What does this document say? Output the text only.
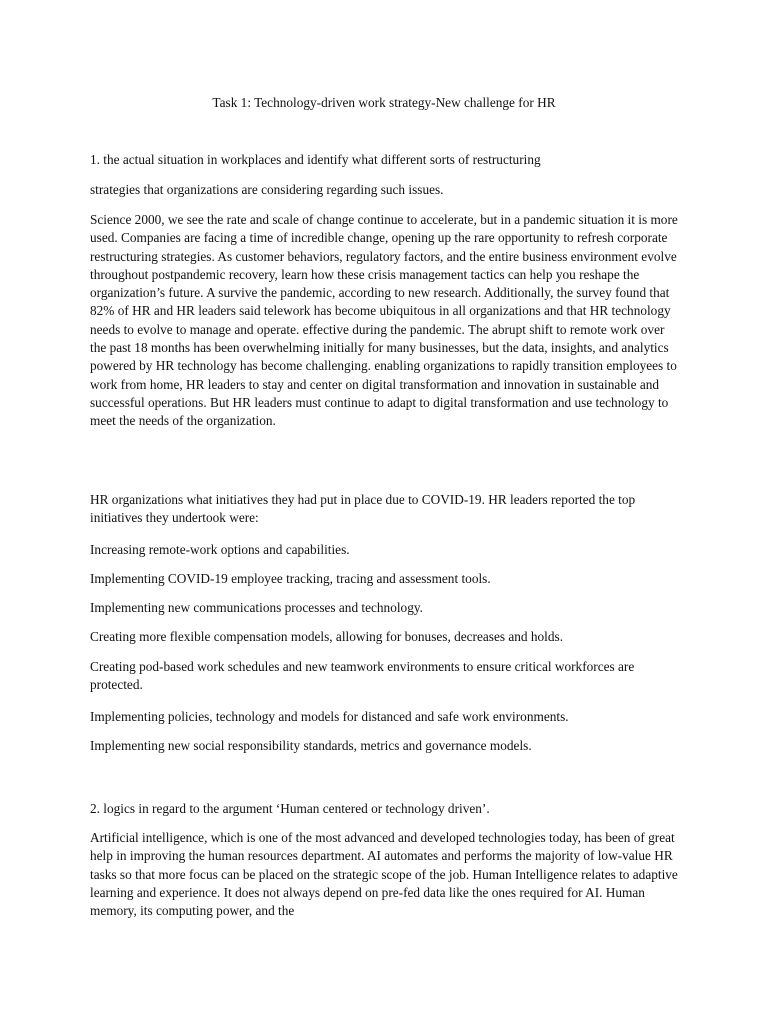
Task 1: Technology-driven work strategy-New challenge for HR

1. the actual situation in workplaces and identify what different sorts of restructuring

strategies that organizations are considering regarding such issues.

Science 2000, we see the rate and scale of change continue to accelerate, but in a pandemic situation it is more used. Companies are facing a time of incredible change, opening up the rare opportunity to refresh corporate restructuring strategies. As customer behaviors, regulatory factors, and the entire business environment evolve throughout postpandemic recovery, learn how these crisis management tactics can help you reshape the organization’s future. A survive the pandemic, according to new research. Additionally, the survey found that 82% of HR and HR leaders said telework has become ubiquitous in all organizations and that HR technology needs to evolve to manage and operate. effective during the pandemic. The abrupt shift to remote work over the past 18 months has been overwhelming initially for many businesses, but the data, insights, and analytics powered by HR technology has become challenging. enabling organizations to rapidly transition employees to work from home, HR leaders to stay and center on digital transformation and innovation in sustainable and successful operations. But HR leaders must continue to adapt to digital transformation and use technology to meet the needs of the organization.

HR organizations what initiatives they had put in place due to COVID-19. HR leaders reported the top initiatives they undertook were:

Increasing remote-work options and capabilities.

Implementing COVID-19 employee tracking, tracing and assessment tools.

Implementing new communications processes and technology.

Creating more flexible compensation models, allowing for bonuses, decreases and holds.

Creating pod-based work schedules and new teamwork environments to ensure critical workforces are protected.

Implementing policies, technology and models for distanced and safe work environments.

Implementing new social responsibility standards, metrics and governance models.

2. logics in regard to the argument ‘Human centered or technology driven’.

Artificial intelligence, which is one of the most advanced and developed technologies today, has been of great help in improving the human resources department. AI automates and performs the majority of low-value HR tasks so that more focus can be placed on the strategic scope of the job. Human Intelligence relates to adaptive learning and experience. It does not always depend on pre-fed data like the ones required for AI. Human memory, its computing power, and the
